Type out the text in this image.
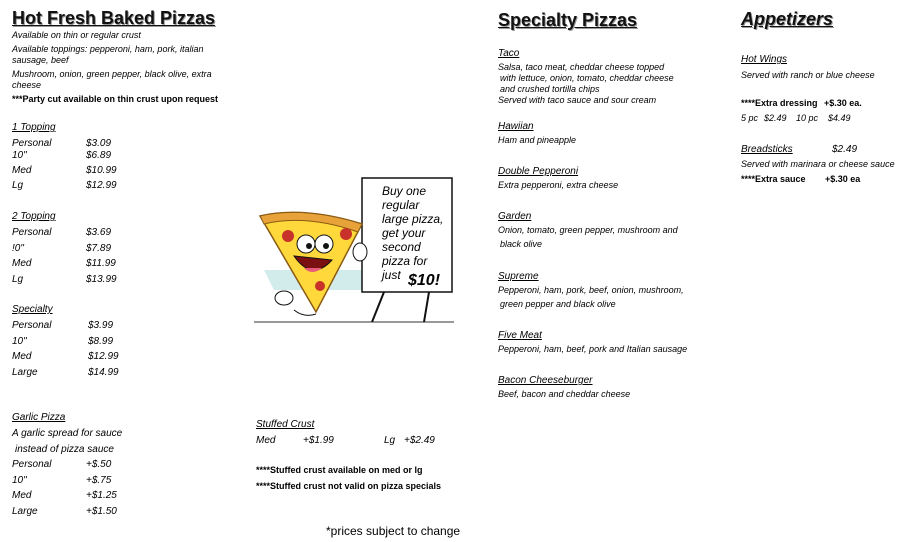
Hot Fresh Baked Pizzas
Available on thin or regular crust
Available toppings: pepperoni, ham, pork, italian sausage, beef
Mushroom, onion, green pepper, black olive, extra cheese
***Party cut available on thin crust upon request
1 Topping
Personal	$3.09
10"	$6.89
Med	$10.99
Lg	$12.99
2 Topping
Personal	$3.69
!0"	$7.89
Med	$11.99
Lg	$13.99
Specialty
Personal	$3.99
10"	$8.99
Med	$12.99
Large	$14.99
Garlic Pizza
A garlic spread for sauce
instead of pizza sauce
Personal	+$.50
10"	+$.75
Med	+$1.25
Large	+$1.50
Buy one
regular
large pizza,
get your
second
pizza for
just $10!
Stuffed Crust
Med	+$1.99	Lg +$2.49
****Stuffed crust available on med or lg
****Stuffed crust not valid on pizza specials
*prices subject to change
Specialty Pizzas
Taco
Salsa, taco meat, cheddar cheese topped
with lettuce, onion, tomato, cheddar cheese
and crushed tortilla chips
Served with taco sauce and sour cream
Hawiian
Ham and pineapple
Double Pepperoni
Extra pepperoni, extra cheese
Garden
Onion, tomato, green pepper, mushroom and
black olive
Supreme
Pepperoni, ham, pork, beef, onion, mushroom,
green pepper and black olive
Five Meat
Pepperoni, ham, beef, pork and Italian sausage
Bacon Cheeseburger
Beef, bacon and cheddar cheese
Appetizers
Hot Wings
Served with ranch or blue cheese
****Extra dressing +$.30 ea.
5 pc $2.49 10 pc $4.49
Breadsticks	$2.49
Served with marinara or cheese sauce
****Extra sauce +$.30 ea
